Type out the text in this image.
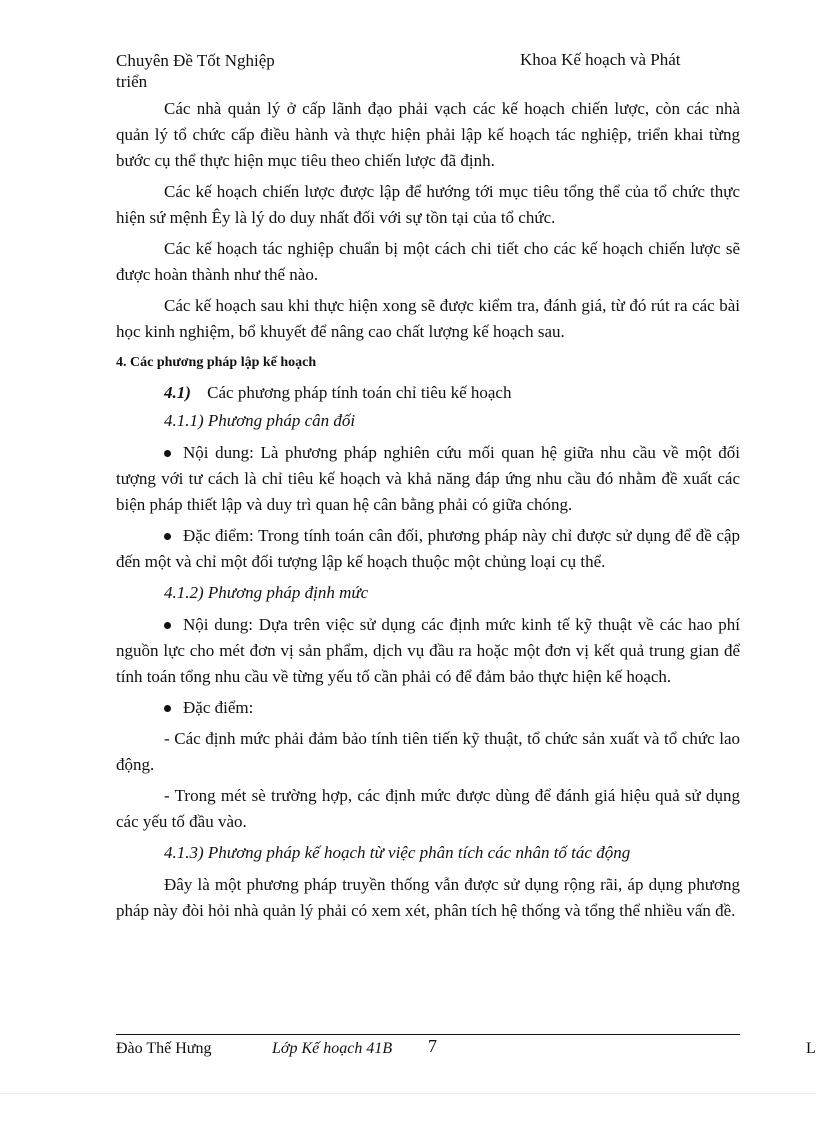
Chuyên Đề Tốt Nghiệp
triển
Khoa Kế hoạch và Phát

Các nhà quản lý ở cấp lãnh đạo phải vạch các kế hoạch chiến lược, còn các nhà quản lý tổ chức cấp điều hành và thực hiện phải lập kế hoạch tác nghiệp, triển khai từng bước cụ thể thực hiện mục tiêu theo chiến lược đã định.

Các kế hoạch chiến lược được lập để hướng tới mục tiêu tổng thể của tổ chức thực hiện sứ mệnh Êy là lý do duy nhất đối với sự tồn tại của tổ chức.

Các kế hoạch tác nghiệp chuẩn bị một cách chi tiết cho các kế hoạch chiến lược sẽ được hoàn thành như thế nào.

Các kế hoạch sau khi thực hiện xong sẽ được kiểm tra, đánh giá, từ đó rút ra các bài học kinh nghiệm, bổ khuyết để nâng cao chất lượng kế hoạch sau.

4. Các phương pháp lập kế hoạch
4.1) Các phương pháp tính toán chỉ tiêu kế hoạch
4.1.1) Phương pháp cân đối

Nội dung: Là phương pháp nghiên cứu mối quan hệ giữa nhu cầu về một đối tượng với tư cách là chỉ tiêu kế hoạch và khả năng đáp ứng nhu cầu đó nhằm đề xuất các biện pháp thiết lập và duy trì quan hệ cân bằng phải có giữa chóng.

Đặc điểm: Trong tính toán cân đối, phương pháp này chỉ được sử dụng để đề cập đến một và chỉ một đối tượng lập kế hoạch thuộc một chủng loại cụ thể.

4.1.2) Phương pháp định mức

Nội dung: Dựa trên việc sử dụng các định mức kinh tế kỹ thuật về các hao phí nguồn lực cho mét đơn vị sản phẩm, dịch vụ đầu ra hoặc một đơn vị kết quả trung gian để tính toán tổng nhu cầu về từng yếu tố cần phải có để đảm bảo thực hiện kế hoạch.

Đặc điểm:

- Các định mức phải đảm bảo tính tiên tiến kỹ thuật, tổ chức sản xuất và tổ chức lao động.

- Trong mét sè trường hợp, các định mức được dùng để đánh giá hiệu quả sử dụng các yếu tố đầu vào.

4.1.3) Phương pháp kế hoạch từ việc phân tích các nhân tố tác động

Đây là một phương pháp truyền thống vẫn được sử dụng rộng rãi, áp dụng phương pháp này đòi hỏi nhà quản lý phải có xem xét, phân tích hệ thống và tổng thể nhiều vấn đề.

Đào Thế Hưng	Lớp Kế hoạch 41B 7	L
